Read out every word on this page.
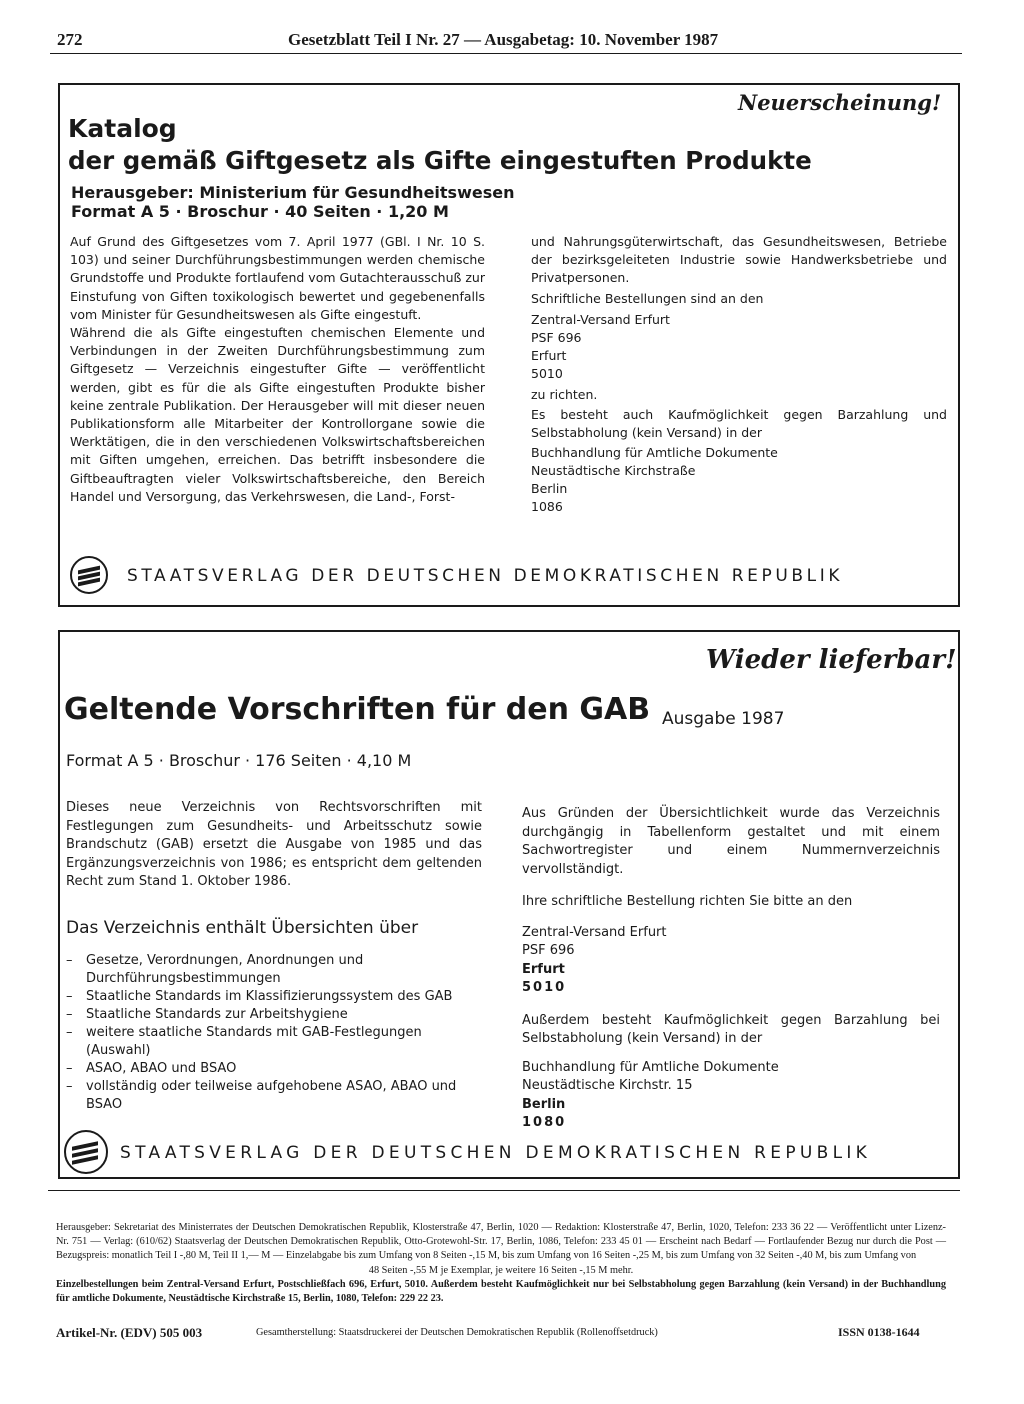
272	Gesetzblatt Teil I Nr. 27 — Ausgabetag: 10. November 1987
Neuerscheinung!
Katalog
der gemäß Giftgesetz als Gifte eingestuften Produkte
Herausgeber: Ministerium für Gesundheitswesen
Format A 5 · Broschur · 40 Seiten · 1,20 M

Auf Grund des Giftgesetzes vom 7. April 1977 (GBl. I Nr. 10 S. 103) und seiner Durchführungsbestimmungen werden chemische Grundstoffe und Produkte fortlaufend vom Gutachterausschuß zur Einstufung von Giften toxikologisch bewertet und gegebenenfalls vom Minister für Gesundheitswesen als Gifte eingestuft.

Während die als Gifte eingestuften chemischen Elemente und Verbindungen in der Zweiten Durchführungsbestimmung zum Giftgesetz — Verzeichnis eingestufter Gifte — veröffentlicht werden, gibt es für die als Gifte eingestuften Produkte bisher keine zentrale Publikation. Der Herausgeber will mit dieser neuen Publikationsform alle Mitarbeiter der Kontrollorgane sowie die Werktätigen, die in den verschiedenen Volkswirtschaftsbereichen mit Giften umgehen, erreichen. Das betrifft insbesondere die Giftbeauftragten vieler Volkswirtschaftsbereiche, den Bereich Handel und Versorgung, das Verkehrswesen, die Land-, Forst-

und Nahrungsgüterwirtschaft, das Gesundheitswesen, Betriebe der bezirksgeleiteten Industrie sowie Handwerksbetriebe und Privatpersonen.

Schriftliche Bestellungen sind an den

Zentral-Versand Erfurt

PSF 696

Erfurt

5010

zu richten.

Es besteht auch Kaufmöglichkeit gegen Barzahlung und Selbstabholung (kein Versand) in der

Buchhandlung für Amtliche Dokumente

Neustädtische Kirchstraße

Berlin

1086

STAATSVERLAG DER DEUTSCHEN DEMOKRATISCHEN REPUBLIK
Wieder lieferbar!
Geltende Vorschriften für den GAB Ausgabe 1987
Format A 5 · Broschur · 176 Seiten · 4,10 M

Dieses neue Verzeichnis von Rechtsvorschriften mit Festlegungen zum Gesundheits- und Arbeitsschutz sowie Brandschutz (GAB) ersetzt die Ausgabe von 1985 und das Ergänzungsverzeichnis von 1986; es entspricht dem geltenden Recht zum Stand 1. Oktober 1986.

Das Verzeichnis enthält Übersichten über

– Gesetze, Verordnungen, Anordnungen und Durchführungsbestimmungen
– Staatliche Standards im Klassifizierungssystem des GAB
– Staatliche Standards zur Arbeitshygiene
– weitere staatliche Standards mit GAB-Festlegungen (Auswahl)
– ASAO, ABAO und BSAO
– vollständig oder teilweise aufgehobene ASAO, ABAO und BSAO

Aus Gründen der Übersichtlichkeit wurde das Verzeichnis durchgängig in Tabellenform gestaltet und mit einem Sachwortregister und einem Nummernverzeichnis vervollständigt.

Ihre schriftliche Bestellung richten Sie bitte an den

Zentral-Versand Erfurt

PSF 696

Erfurt

5010

Außerdem besteht Kaufmöglichkeit gegen Barzahlung bei Selbstabholung (kein Versand) in der

Buchhandlung für Amtliche Dokumente

Neustädtische Kirchstr. 15

Berlin

1080

STAATSVERLAG DER DEUTSCHEN DEMOKRATISCHEN REPUBLIK
Herausgeber: Sekretariat des Ministerrates der Deutschen Demokratischen Republik, Klosterstraße 47, Berlin, 1020 — Redaktion: Klosterstraße 47, Berlin, 1020, Telefon: 233 36 22 — Veröffentlicht unter Lizenz-Nr. 751 — Verlag: (610/62) Staatsverlag der Deutschen Demokratischen Republik, Otto-Grotewohl-Str. 17, Berlin, 1086, Telefon: 233 45 01 — Erscheint nach Bedarf — Fortlaufender Bezug nur durch die Post — Bezugspreis: monatlich Teil I -,80 M, Teil II 1,— M — Einzelabgabe bis zum Umfang von 8 Seiten -,15 M, bis zum Umfang von 16 Seiten -,25 M, bis zum Umfang von 32 Seiten -,40 M, bis zum Umfang von
48 Seiten -,55 M je Exemplar, je weitere 16 Seiten -,15 M mehr.
Einzelbestellungen beim Zentral-Versand Erfurt, Postschließfach 696, Erfurt, 5010. Außerdem besteht Kaufmöglichkeit nur bei Selbstabholung gegen Barzahlung (kein Versand) in der Buchhandlung für amtliche Dokumente, Neustädtische Kirchstraße 15, Berlin, 1080, Telefon: 229 22 23.
Artikel-Nr. (EDV) 505 003	Gesamtherstellung: Staatsdruckerei der Deutschen Demokratischen Republik (Rollenoffsetdruck)	ISSN 0138-1644
